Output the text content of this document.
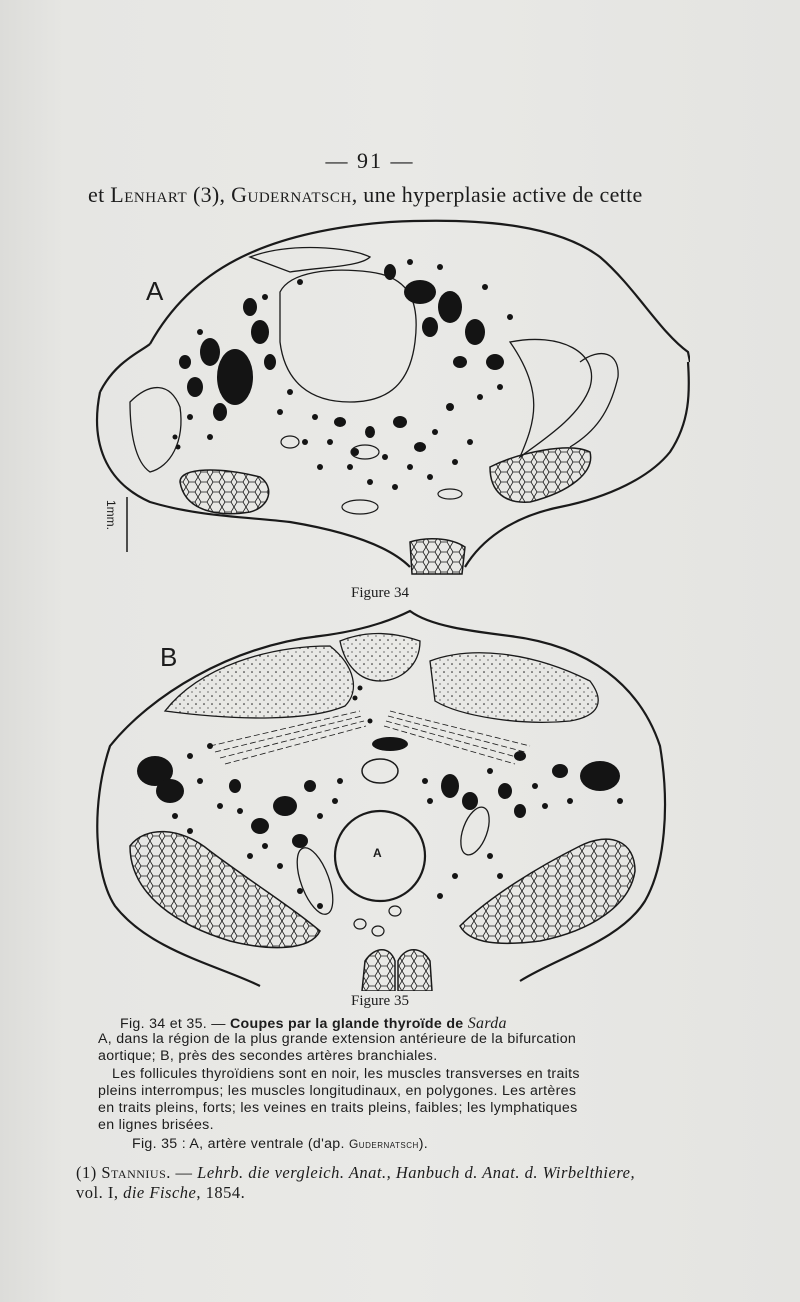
— 91 —
et Lenhart (3), Gudernatsch, une hyperplasie active de cette
A
1mm.
Figure 34
B
A
Figure 35
Fig. 34 et 35. — Coupes par la glande thyroïde de Sarda
A, dans la région de la plus grande extension antérieure de la bifurcation
aortique; B, près des secondes artères branchiales.
Les follicules thyroïdiens sont en noir, les muscles transverses en traits
pleins interrompus; les muscles longitudinaux, en polygones. Les artères
en traits pleins, forts; les veines en traits pleins, faibles; les lymphatiques
en lignes brisées.
Fig. 35 : A, artère ventrale (d'ap. Gudernatsch).
(1) Stannius. — Lehrb. die vergleich. Anat., Hanbuch d. Anat. d. Wirbelthiere,
vol. I, die Fische, 1854.
